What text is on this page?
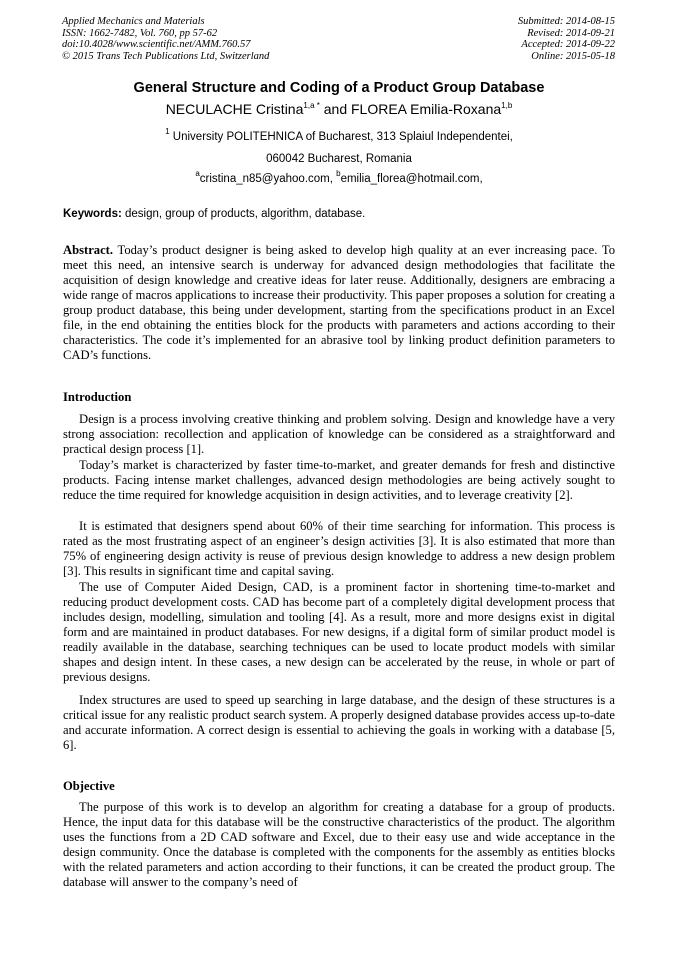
Applied Mechanics and Materials
ISSN: 1662-7482, Vol. 760, pp 57-62
doi:10.4028/www.scientific.net/AMM.760.57
© 2015 Trans Tech Publications Ltd, Switzerland
Submitted: 2014-08-15
Revised: 2014-09-21
Accepted: 2014-09-22
Online: 2015-05-18
General Structure and Coding of a Product Group Database
NECULACHE Cristina$^{1,a *}$ and FLOREA Emilia-Roxana$^{1,b}$
$^1$ University POLITEHNICA of Bucharest, 313 Splaiul Independentei,
060042 Bucharest, Romania
$^a$cristina_n85@yahoo.com, $^b$emilia_florea@hotmail.com,
Keywords: design, group of products, algorithm, database.
Abstract. Today’s product designer is being asked to develop high quality at an ever increasing pace. To meet this need, an intensive search is underway for advanced design methodologies that facilitate the acquisition of design knowledge and creative ideas for later reuse. Additionally, designers are embracing a wide range of macros applications to increase their productivity. This paper proposes a solution for creating a group product database, this being under development, starting from the specifications product in an Excel file, in the end obtaining the entities block for the products with parameters and actions according to their characteristics. The code it’s implemented for an abrasive tool by linking product definition parameters to CAD’s functions.
Introduction
Design is a process involving creative thinking and problem solving. Design and knowledge have a very strong association: recollection and application of knowledge can be considered as a straightforward and practical design process [1].
Today’s market is characterized by faster time-to-market, and greater demands for fresh and distinctive products. Facing intense market challenges, advanced design methodologies are being actively sought to reduce the time required for knowledge acquisition in design activities, and to leverage creativity [2].
It is estimated that designers spend about 60% of their time searching for information. This process is rated as the most frustrating aspect of an engineer’s design activities [3]. It is also estimated that more than 75% of engineering design activity is reuse of previous design knowledge to address a new design problem [3]. This results in significant time and capital saving.
The use of Computer Aided Design, CAD, is a prominent factor in shortening time-to-market and reducing product development costs. CAD has become part of a completely digital development process that includes design, modelling, simulation and tooling [4]. As a result, more and more designs exist in digital form and are maintained in product databases. For new designs, if a digital form of similar product model is readily available in the database, searching techniques can be used to locate product models with similar shapes and design intent. In these cases, a new design can be accelerated by the reuse, in whole or part of previous designs.
Index structures are used to speed up searching in large database, and the design of these structures is a critical issue for any realistic product search system. A properly designed database provides access up-to-date and accurate information. A correct design is essential to achieving the goals in working with a database [5, 6].
Objective
The purpose of this work is to develop an algorithm for creating a database for a group of products. Hence, the input data for this database will be the constructive characteristics of the product. The algorithm uses the functions from a 2D CAD software and Excel, due to their easy use and wide acceptance in the design community. Once the database is completed with the components for the assembly as entities blocks with the related parameters and action according to their functions, it can be created the product group. The database will answer to the company’s need of
